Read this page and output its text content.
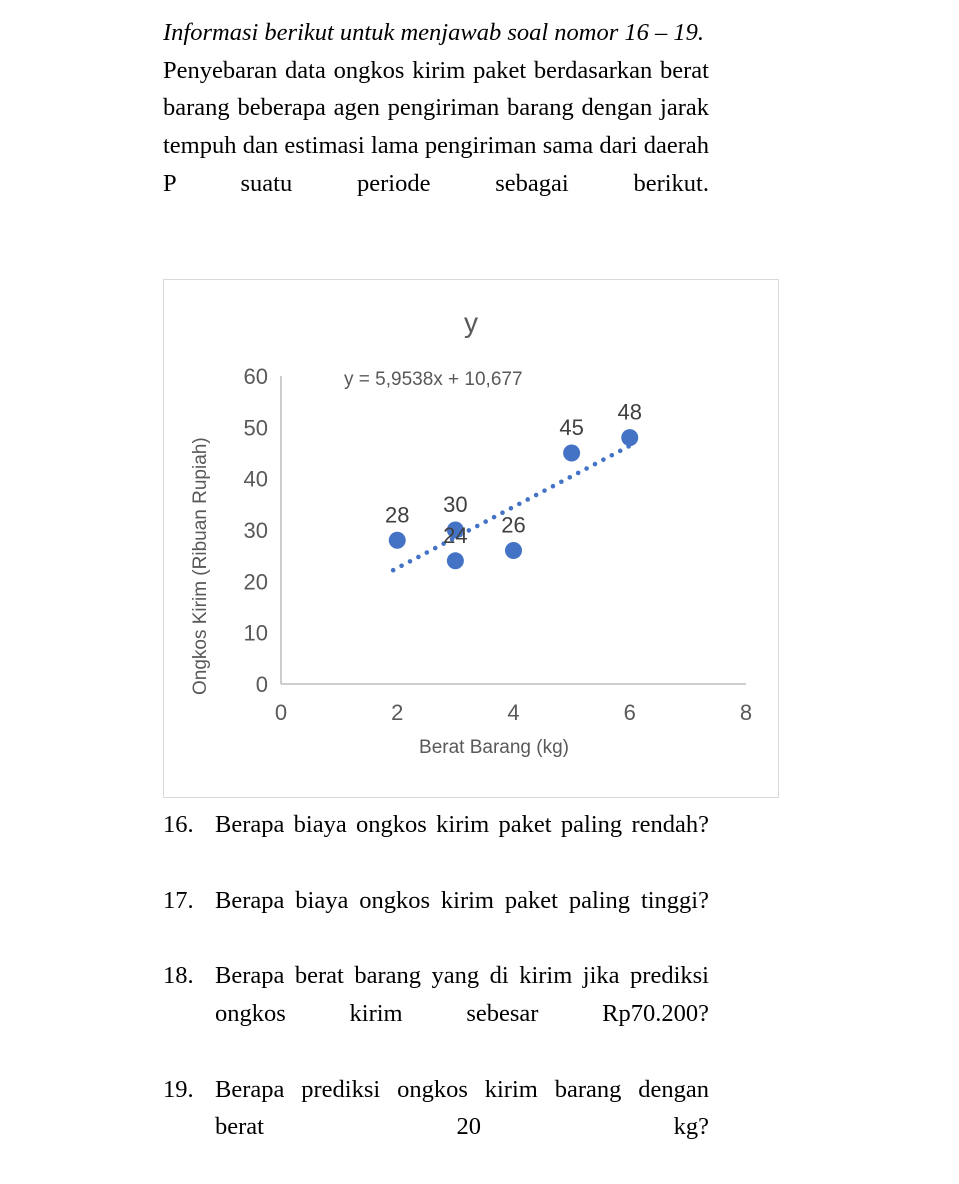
Informasi berikut untuk menjawab soal nomor 16 – 19.

Penyebaran data ongkos kirim paket berdasarkan berat barang beberapa agen pengiriman barang dengan jarak tempuh dan estimasi lama pengiriman sama dari daerah P suatu periode sebagai berikut.

y
Ongkos Kirim (Ribuan Rupiah)
Berat Barang (kg)
0
10
20
30
40
50
60
0	2	4	6	8
y = 5,9538x + 10,677
28 30
24 26
45
48
16. Berapa biaya ongkos kirim paket paling rendah?
17. Berapa biaya ongkos kirim paket paling tinggi?
18. Berapa berat barang yang di kirim jika prediksi ongkos kirim sebesar Rp70.200?
19. Berapa prediksi ongkos kirim barang dengan berat 20 kg?
